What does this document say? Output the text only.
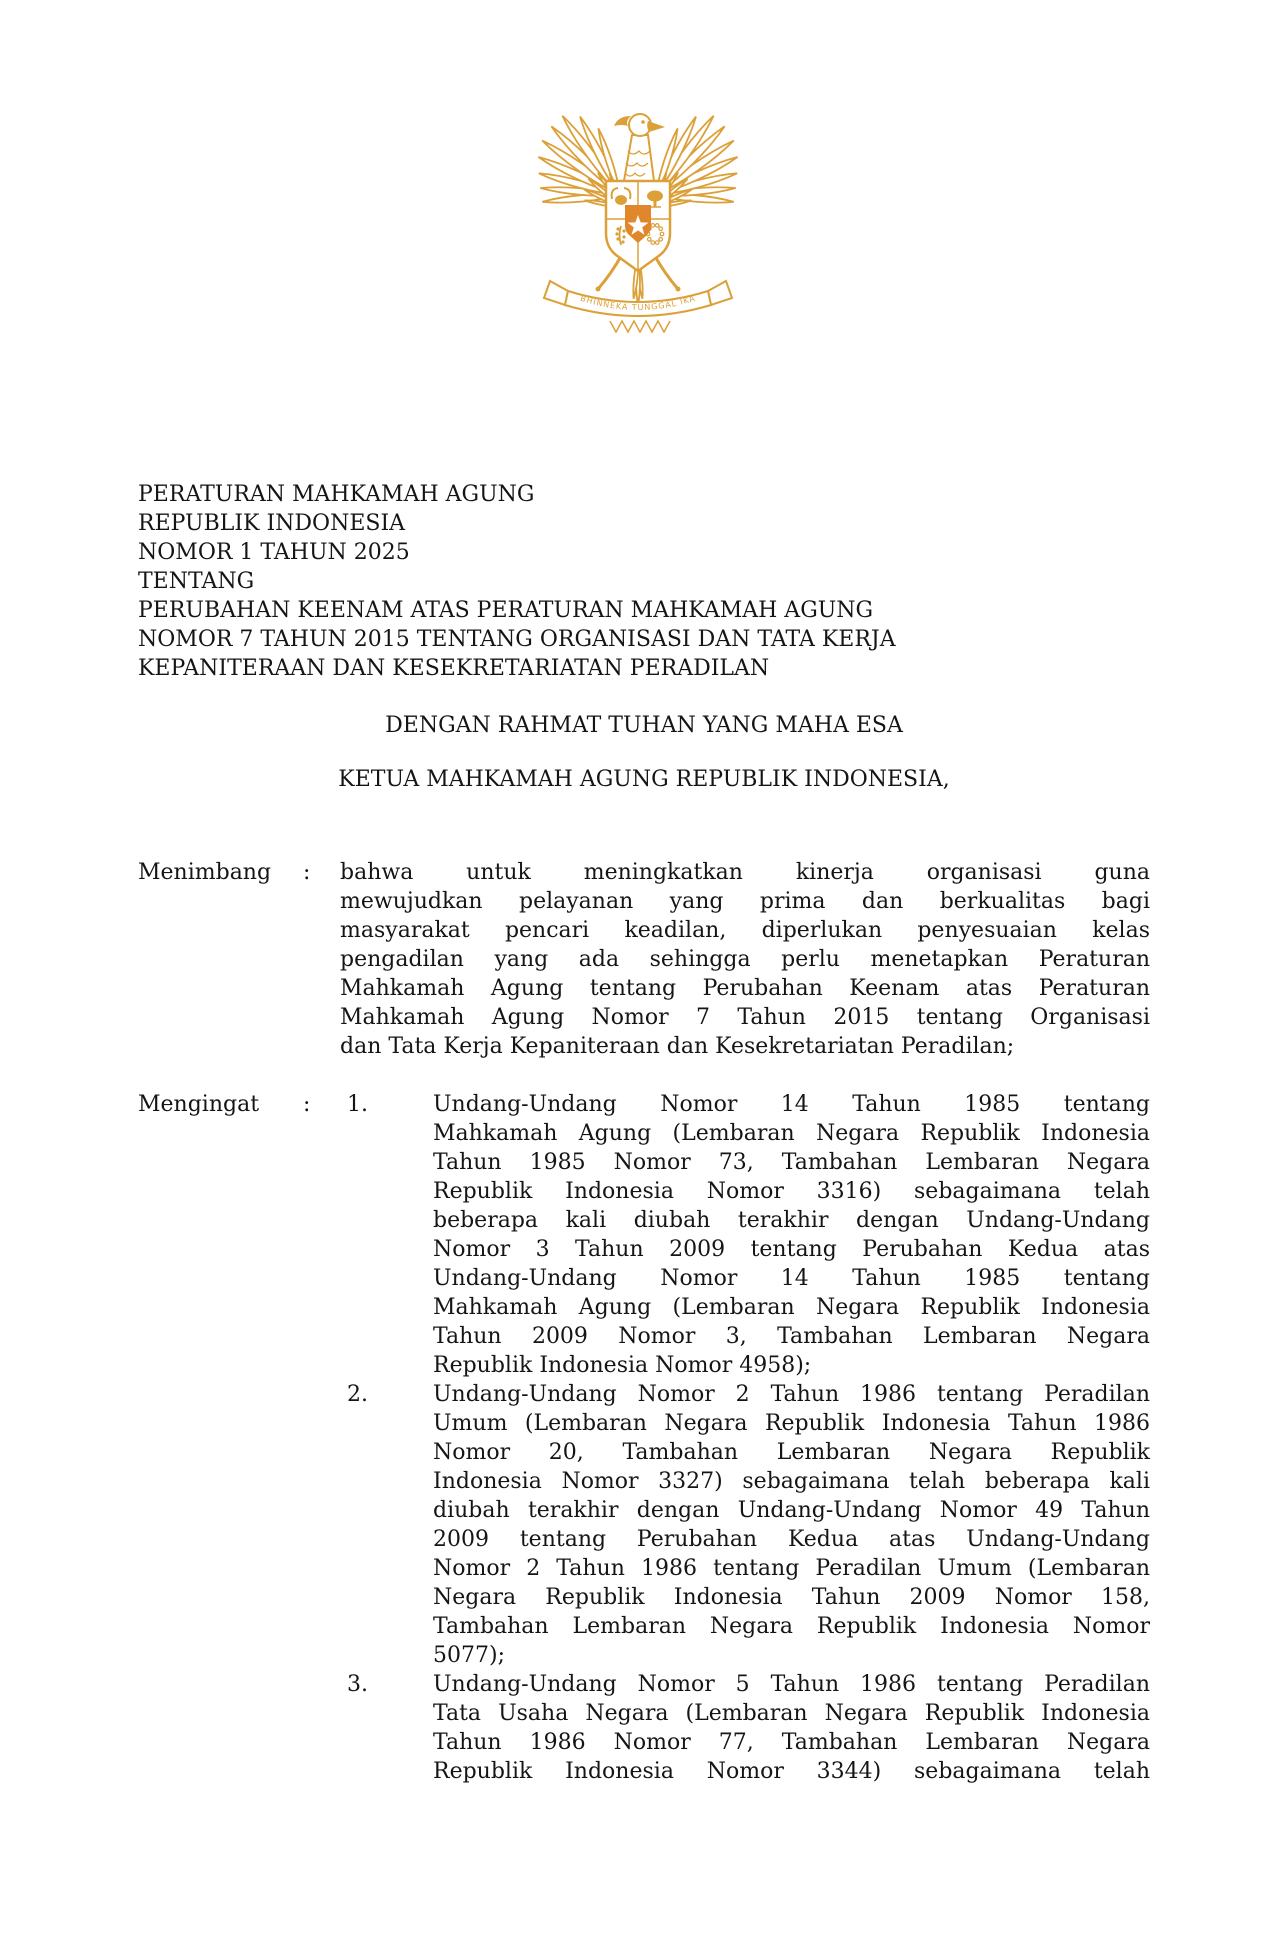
BHINNEKA TUNGGAL IKA
PERATURAN MAHKAMAH AGUNG
REPUBLIK INDONESIA
NOMOR 1 TAHUN 2025
TENTANG
PERUBAHAN KEENAM ATAS PERATURAN MAHKAMAH AGUNG
NOMOR 7 TAHUN 2015 TENTANG ORGANISASI DAN TATA KERJA
KEPANITERAAN DAN KESEKRETARIATAN PERADILAN
DENGAN RAHMAT TUHAN YANG MAHA ESA
KETUA MAHKAMAH AGUNG REPUBLIK INDONESIA,
Menimbang	:	bahwa untuk meningkatkan kinerja organisasi guna
mewujudkan pelayanan yang prima dan berkualitas bagi
masyarakat pencari keadilan, diperlukan penyesuaian kelas
pengadilan yang ada sehingga perlu menetapkan Peraturan
Mahkamah Agung tentang Perubahan Keenam atas Peraturan
Mahkamah Agung Nomor 7 Tahun 2015 tentang Organisasi
dan Tata Kerja Kepaniteraan dan Kesekretariatan Peradilan;
Mengingat	:	1.	Undang-Undang Nomor 14 Tahun 1985 tentang
Mahkamah Agung (Lembaran Negara Republik Indonesia
Tahun 1985 Nomor 73, Tambahan Lembaran Negara
Republik Indonesia Nomor 3316) sebagaimana telah
beberapa kali diubah terakhir dengan Undang-Undang
Nomor 3 Tahun 2009 tentang Perubahan Kedua atas
Undang-Undang Nomor 14 Tahun 1985 tentang
Mahkamah Agung (Lembaran Negara Republik Indonesia
Tahun 2009 Nomor 3, Tambahan Lembaran Negara
Republik Indonesia Nomor 4958);
2.	Undang-Undang Nomor 2 Tahun 1986 tentang Peradilan
Umum (Lembaran Negara Republik Indonesia Tahun 1986
Nomor 20, Tambahan Lembaran Negara Republik
Indonesia Nomor 3327) sebagaimana telah beberapa kali
diubah terakhir dengan Undang-Undang Nomor 49 Tahun
2009 tentang Perubahan Kedua atas Undang-Undang
Nomor 2 Tahun 1986 tentang Peradilan Umum (Lembaran
Negara Republik Indonesia Tahun 2009 Nomor 158,
Tambahan Lembaran Negara Republik Indonesia Nomor
5077);
3.	Undang-Undang Nomor 5 Tahun 1986 tentang Peradilan
Tata Usaha Negara (Lembaran Negara Republik Indonesia
Tahun 1986 Nomor 77, Tambahan Lembaran Negara
Republik Indonesia Nomor 3344) sebagaimana telah
